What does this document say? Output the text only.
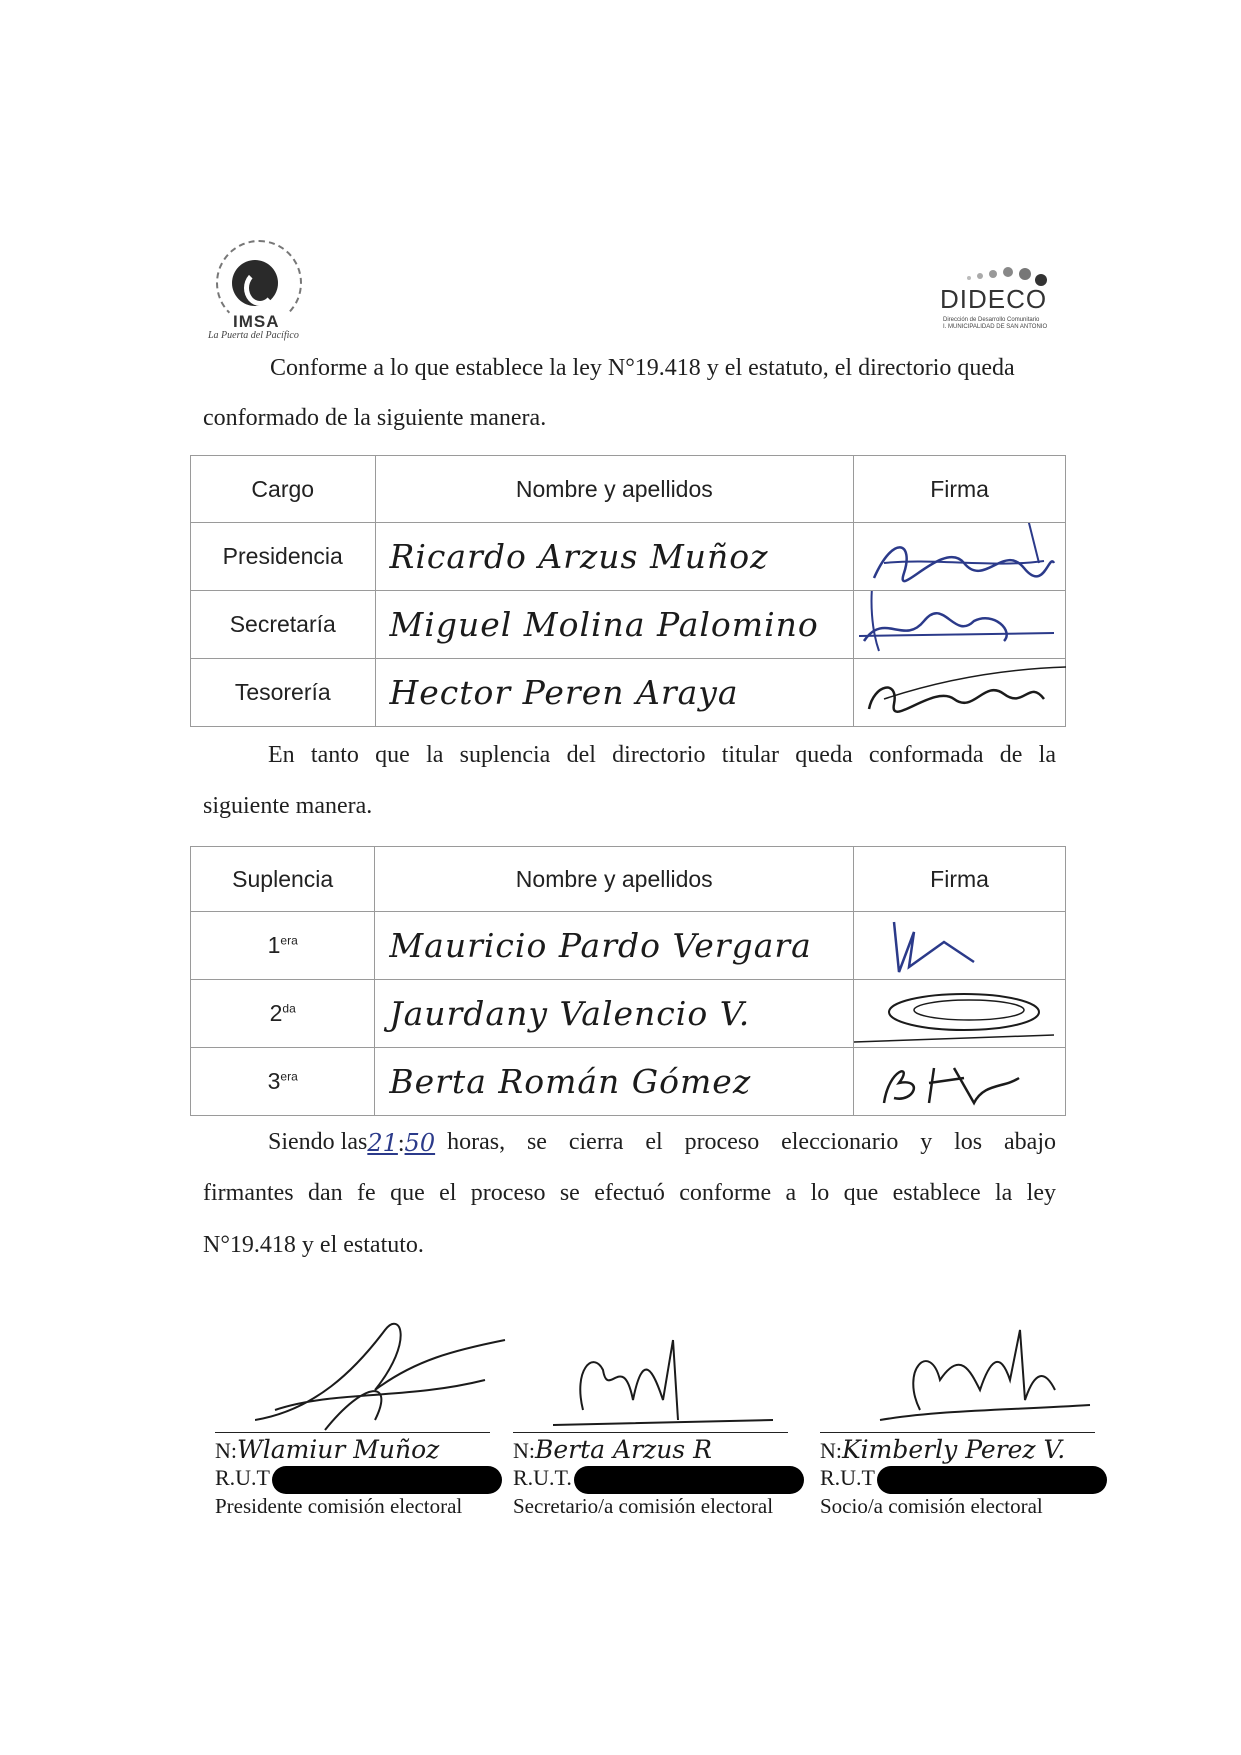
IMSA
La Puerta del Pacífico
DIDECO
Dirección de Desarrollo Comunitario
I. MUNICIPALIDAD DE SAN ANTONIO
Conforme a lo que establece la ley N°19.418 y el estatuto, el directorio queda
conformado de la siguiente manera.
Cargo	Nombre y apellidos	Firma
Presidencia	Ricardo Arzus Muñoz	

Secretaría	Miguel Molina Palomino	

Tesorería	Hector Peren Araya	
En tanto que la suplencia del directorio titular queda conformada de la
siguiente manera.
Suplencia	Nombre y apellidos	Firma
$1^{era}$	Mauricio Pardo Vergara	

$2^{da}$	Jaurdany Valencio V.	

$3^{era}$	Berta Román Gómez	
Siendo las 21:50 horas, se cierra el proceso eleccionario y los abajo
firmantes dan fe que el proceso se efectuó conforme a lo que establece la ley
N°19.418 y el estatuto.
N:Wlamiur Muñoz
R.U.T
Presidente comisión electoral
N:Berta Arzus R
R.U.T.
Secretario/a comisión electoral
N:Kimberly Perez V.
R.U.T
Socio/a comisión electoral
